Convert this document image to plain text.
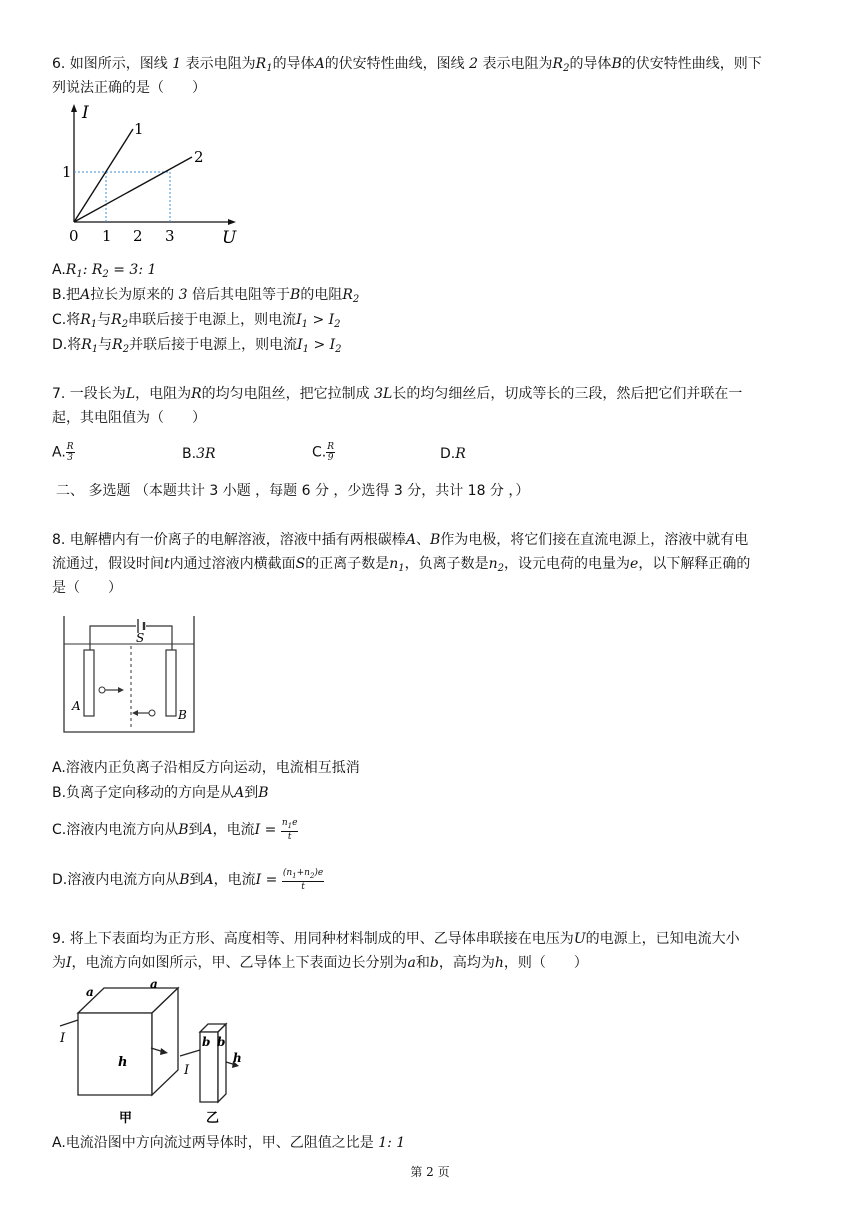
6. 如图所示，图线 1 表示电阻为$R_1$的导体A的伏安特性曲线，图线 2 表示电阻为$R_2$的导体B的伏安特性曲线，则下
列说法正确的是（　　）
I
U
0 1 2 3
1
1
2
$A.R_1$: $R_2 = 3$: 1
B.把A拉长为原来的 3 倍后其电阻等于B的电阻$R_2$
C.将$R_1$与$R_2$串联后接于电源上，则电流$I_1 > I_2$
D.将$R_1$与$R_2$并联后接于电源上，则电流$I_1 > I_2$
7. 一段长为L，电阻为R的均匀电阻丝，把它拉制成 3L长的均匀细丝后，切成等长的三段，然后把它们并联在一
起，其电阻值为（　　）
A. $\frac{R}{3}$	B.3R	C. $\frac{R}{9}$	D.R
二、 多选题 （本题共计 3 小题 ，每题 6 分 ，少选得 3 分，共计 18 分 ，）
8. 电解槽内有一价离子的电解溶液，溶液中插有两根碳棒A、B作为电极，将它们接在直流电源上，溶液中就有电
流通过，假设时间t内通过溶液内横截面S的正离子数是$n_1$，负离子数是$n_2$，设元电荷的电量为e，以下解释正确的
是（　　）
S
A
B
A.溶液内正负离子沿相反方向运动，电流相互抵消
B.负离子定向移动的方向是从A到B
C.溶液内电流方向从B到A，电流$I = \frac{n_1e}{t}$
D.溶液内电流方向从B到A，电流$I = \frac{(n_1+n_2)e}{t}$
9. 将上下表面均为正方形、高度相等、用同种材料制成的甲、乙导体串联接在电压为U的电源上，已知电流大小
为I，电流方向如图所示，甲、乙导体上下表面边长分别为a和b，高均为h，则（　　）
a
a
h
I	b b
h
I
甲	乙
A.电流沿图中方向流过两导体时，甲、乙阻值之比是 1: 1
第 2 页
